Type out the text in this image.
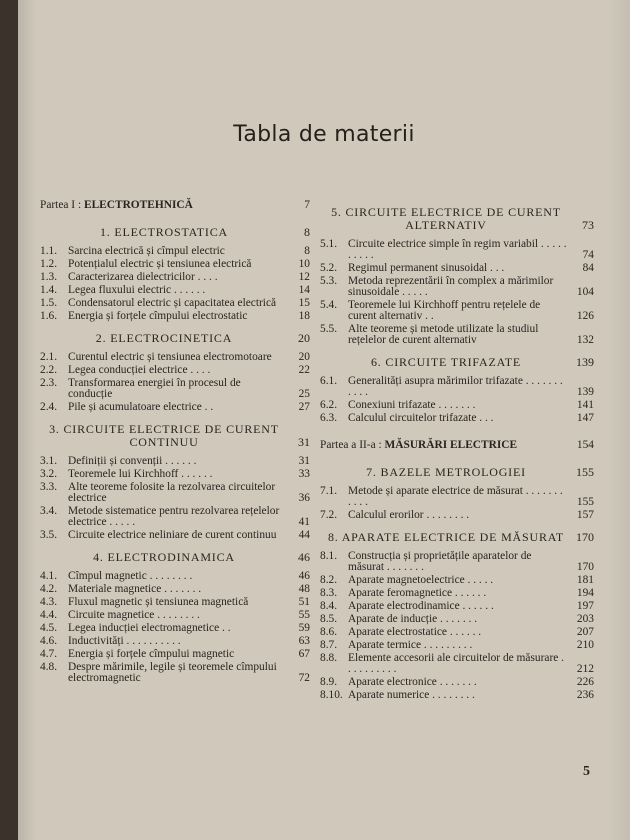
Tabla de materii
Partea I : ELECTROTEHNICĂ	7
1. ELECTROSTATICA	8
1.1. Sarcina electrică și cîmpul electric	8
1.2. Potențialul electric și tensiunea electrică	10
1.3. Caracterizarea dielectricilor . . . .	12
1.4. Legea fluxului electric . . . . . .	14
1.5. Condensatorul electric și capacitatea electrică 15
1.6. Energia și forțele cîmpului electrostatic	18
2. ELECTROCINETICA	20
2.1. Curentul electric și tensiunea electromotoare 20
2.2. Legea conducției electrice . . . .	22
2.3. Transformarea energiei în procesul de conducție	25
2.4. Pile și acumulatoare electrice . .	27
3. CIRCUITE ELECTRICE DE CURENT CONTINUU	31
3.1. Definiții și convenții . . . . . .	31
3.2. Teoremele lui Kirchhoff . . . . . .	33
3.3. Alte teoreme folosite la rezolvarea circuitelor electrice	36
3.4. Metode sistematice pentru rezolvarea rețelelor electrice . . . . .	41
3.5. Circuite electrice neliniare de curent continuu 44
4. ELECTRODINAMICA	46
4.1. Cîmpul magnetic . . . . . . . .	46
4.2. Materiale magnetice . . . . . . .	48
4.3. Fluxul magnetic și tensiunea magnetică	51
4.4. Circuite magnetice . . . . . . . .	55
4.5. Legea inducției electromagnetice . .	59
4.6. Inductivități . . . . . . . . . .	63
4.7. Energia și forțele cîmpului magnetic	67
4.8. Despre mărimile, legile și teoremele cîmpului electromagnetic	72
5. CIRCUITE ELECTRICE DE CURENT ALTERNATIV	73
5.1. Circuite electrice simple în regim variabil . . . . . . . . . .	74
5.2. Regimul permanent sinusoidal . . .	84
5.3. Metoda reprezentării în complex a mărimilor sinusoidale . . . . .	104
5.4. Teoremele lui Kirchhoff pentru rețelele de curent alternativ . .	126
5.5. Alte teoreme și metode utilizate la studiul rețelelor de curent alternativ	132
6. CIRCUITE TRIFAZATE	139
6.1. Generalități asupra mărimilor trifazate . . . . . . . . . . .	139
6.2. Conexiuni trifazate . . . . . . .	141
6.3. Calculul circuitelor trifazate . . .	147
Partea a II-a : MĂSURĂRI ELECTRICE	154
7. BAZELE METROLOGIEI	155
7.1. Metode și aparate electrice de măsurat . . . . . . . . . . .	155
7.2. Calculul erorilor . . . . . . . .	157
8. APARATE ELECTRICE DE MĂSURAT 170
8.1. Construcția și proprietățile aparatelor de măsurat . . . . . . .	170
8.2. Aparate magnetoelectrice . . . . .	181
8.3. Aparate feromagnetice . . . . . .	194
8.4. Aparate electrodinamice . . . . . .	197
8.5. Aparate de inducție . . . . . . .	203
8.6. Aparate electrostatice . . . . . .	207
8.7. Aparate termice . . . . . . . . .	210
8.8. Elemente accesorii ale circuitelor de măsurare . . . . . . . . . .	212
8.9. Aparate electronice . . . . . . .	226
8.10. Aparate numerice . . . . . . . .	236
5
